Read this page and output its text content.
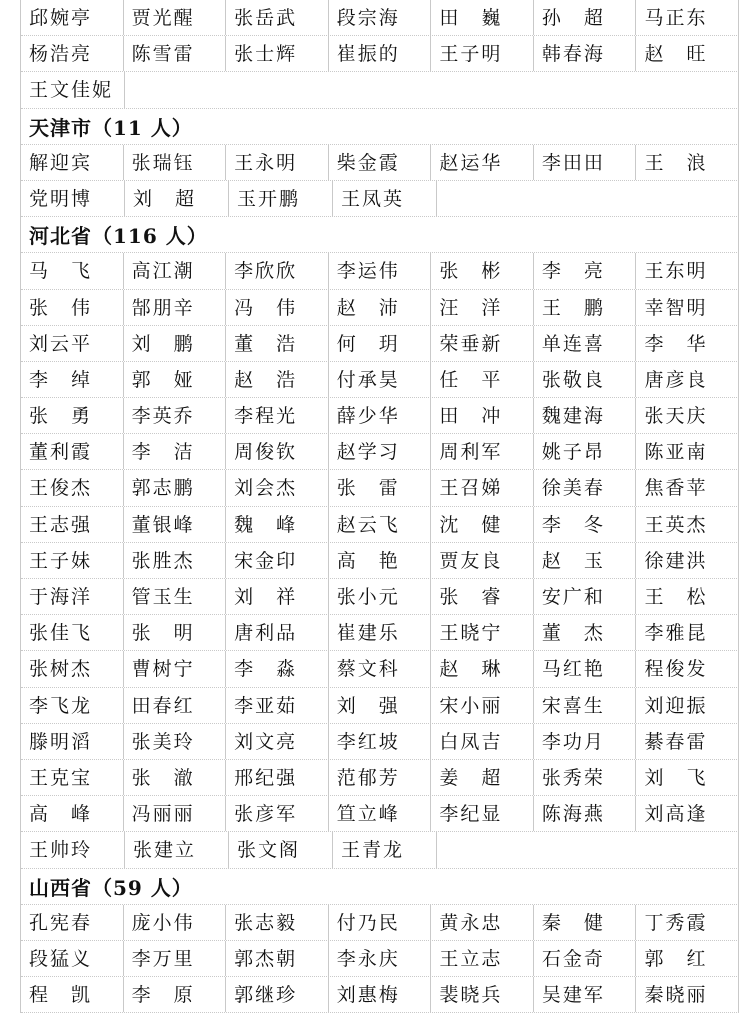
邱婉亭	贾光醒	张岳武	段宗海	田　巍	孙　超	马正东
杨浩亮	陈雪雷	张士辉	崔振的	王子明	韩春海	赵　旺
王文佳妮
天津市（11 人）
解迎宾	张瑞钰	王永明	柴金霞	赵运华	李田田	王　浪
党明博	刘　超	玉开鹏	王凤英
河北省（116 人）
马　飞	高江潮	李欣欣	李运伟	张　彬	李　亮	王东明
张　伟	郜朋辛	冯　伟	赵　沛	汪　洋	王　鹏	幸智明
刘云平	刘　鹏	董　浩	何　玥	荣垂新	单连喜	李　华
李　绰	郭　娅	赵　浩	付承昊	任　平	张敬良	唐彦良
张　勇	李英乔	李程光	薛少华	田　冲	魏建海	张天庆
董利霞	李　洁	周俊钦	赵学习	周利军	姚子昂	陈亚南
王俊杰	郭志鹏	刘会杰	张　雷	王召娣	徐美春	焦香苹
王志强	董银峰	魏　峰	赵云飞	沈　健	李　冬	王英杰
王子妹	张胜杰	宋金印	高　艳	贾友良	赵　玉	徐建洪
于海洋	管玉生	刘　祥	张小元	张　睿	安广和	王　松
张佳飞	张　明	唐利品	崔建乐	王晓宁	董　杰	李雅昆
张树杰	曹树宁	李　淼	蔡文科	赵　琳	马红艳	程俊发
李飞龙	田春红	李亚茹	刘　强	宋小丽	宋喜生	刘迎振
滕明滔	张美玲	刘文亮	李红坡	白凤吉	李功月	綦春雷
王克宝	张　澈	邢纪强	范郁芳	姜　超	张秀荣	刘　飞
高　峰	冯丽丽	张彦军	笪立峰	李纪显	陈海燕	刘高逢
王帅玲	张建立	张文阁	王青龙
山西省（59 人）
孔宪春	庞小伟	张志毅	付乃民	黄永忠	秦　健	丁秀霞
段猛义	李万里	郭杰朝	李永庆	王立志	石金奇	郭　红
程　凯	李　原	郭继珍	刘惠梅	裴晓兵	吴建军	秦晓丽
